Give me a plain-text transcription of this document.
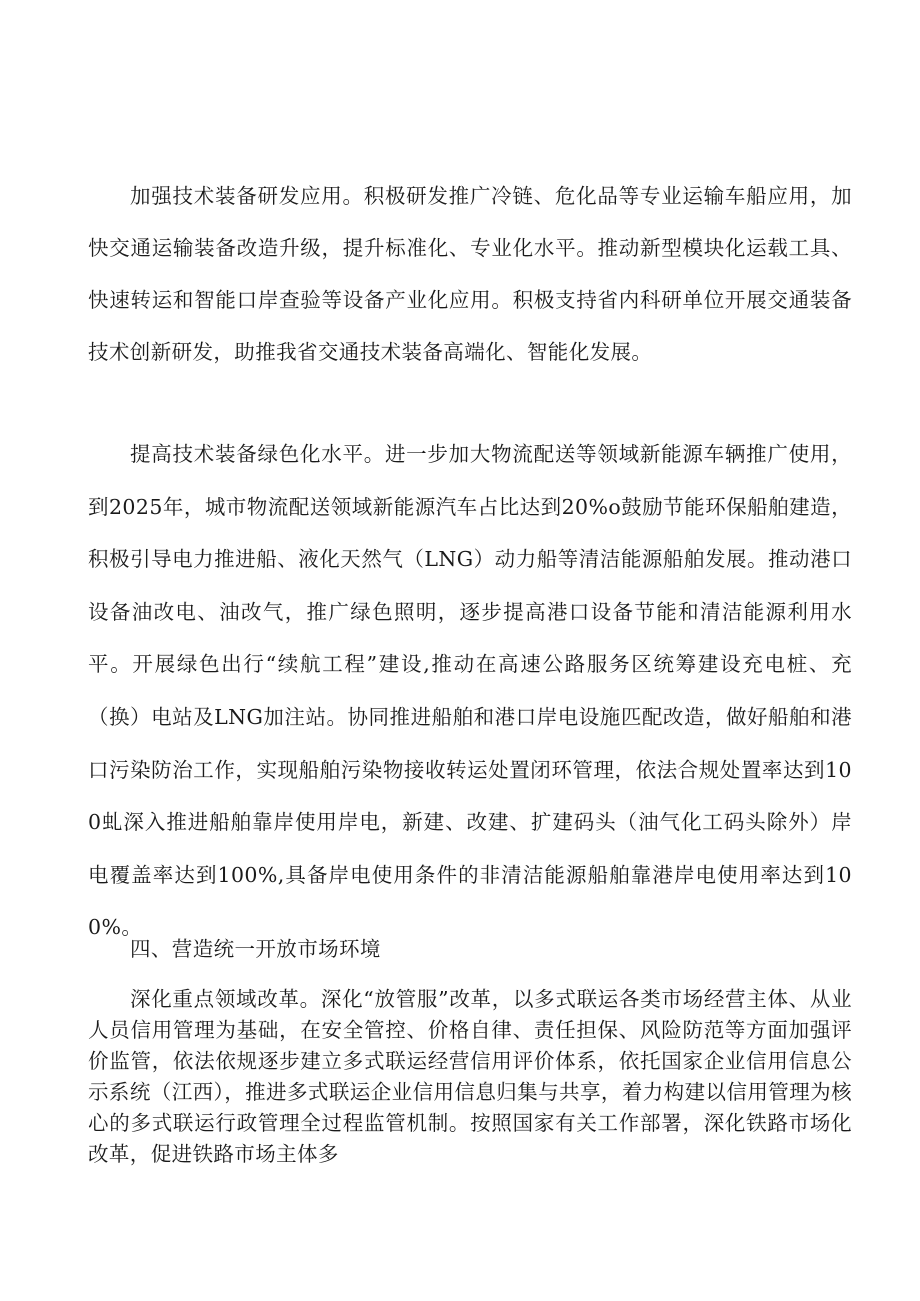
加强技术装备研发应用。积极研发推广冷链、危化品等专业运输车船应用，加快交通运输装备改造升级，提升标准化、专业化水平。推动新型模块化运载工具、快速转运和智能口岸查验等设备产业化应用。积极支持省内科研单位开展交通装备技术创新研发，助推我省交通技术装备高端化、智能化发展。

提高技术装备绿色化水平。进一步加大物流配送等领域新能源车辆推广使用，到2025年，城市物流配送领域新能源汽车占比达到20%o鼓励节能环保船舶建造，积极引导电力推进船、液化天然气（LNG）动力船等清洁能源船舶发展。推动港口设备油改电、油改气，推广绿色照明，逐步提高港口设备节能和清洁能源利用水平。开展绿色出行“续航工程”建设,推动在高速公路服务区统筹建设充电桩、充（换）电站及LNG加注站。协同推进船舶和港口岸电设施匹配改造，做好船舶和港口污染防治工作，实现船舶污染物接收转运处置闭环管理，依法合规处置率达到100虬深入推进船舶靠岸使用岸电，新建、改建、扩建码头（油气化工码头除外）岸电覆盖率达到100%,具备岸电使用条件的非清洁能源船舶靠港岸电使用率达到100%。

四、营造统一开放市场环境

深化重点领域改革。深化“放管服”改革，以多式联运各类市场经营主体、从业人员信用管理为基础，在安全管控、价格自律、责任担保、风险防范等方面加强评价监管，依法依规逐步建立多式联运经营信用评价体系，依托国家企业信用信息公示系统（江西），推进多式联运企业信用信息归集与共享，着力构建以信用管理为核心的多式联运行政管理全过程监管机制。按照国家有关工作部署，深化铁路市场化改革，促进铁路市场主体多
